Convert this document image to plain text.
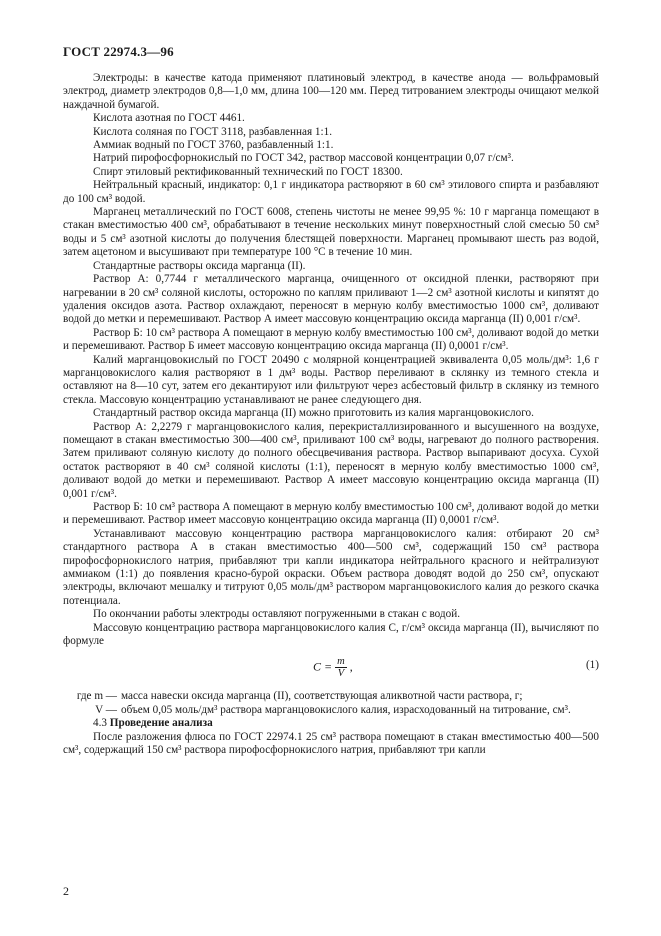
ГОСТ 22974.3—96

Электроды: в качестве катода применяют платиновый электрод, в качестве анода — вольфрамовый электрод, диаметр электродов 0,8—1,0 мм, длина 100—120 мм. Перед титрованием электроды очищают мелкой наждачной бумагой.

Кислота азотная по ГОСТ 4461.

Кислота соляная по ГОСТ 3118, разбавленная 1:1.

Аммиак водный по ГОСТ 3760, разбавленный 1:1.

Натрий пирофосфорнокислый по ГОСТ 342, раствор массовой концентрации 0,07 г/см³.

Спирт этиловый ректификованный технический по ГОСТ 18300.

Нейтральный красный, индикатор: 0,1 г индикатора растворяют в 60 см³ этилового спирта и разбавляют до 100 см³ водой.

Марганец металлический по ГОСТ 6008, степень чистоты не менее 99,95 %: 10 г марганца помещают в стакан вместимостью 400 см³, обрабатывают в течение нескольких минут поверхностный слой смесью 50 см³ воды и 5 см³ азотной кислоты до получения блестящей поверхности. Марганец промывают шесть раз водой, затем ацетоном и высушивают при температуре 100 °С в течение 10 мин.

Стандартные растворы оксида марганца (II).

Раствор А: 0,7744 г металлического марганца, очищенного от оксидной пленки, растворяют при нагревании в 20 см³ соляной кислоты, осторожно по каплям приливают 1—2 см³ азотной кислоты и кипятят до удаления оксидов азота. Раствор охлаждают, переносят в мерную колбу вместимостью 1000 см³, доливают водой до метки и перемешивают. Раствор А имеет массовую концентрацию оксида марганца (II) 0,001 г/см³.

Раствор Б: 10 см³ раствора А помещают в мерную колбу вместимостью 100 см³, доливают водой до метки и перемешивают. Раствор Б имеет массовую концентрацию оксида марганца (II) 0,0001 г/см³.

Калий марганцовокислый по ГОСТ 20490 с молярной концентрацией эквивалента 0,05 моль/дм³: 1,6 г марганцовокислого калия растворяют в 1 дм³ воды. Раствор переливают в склянку из темного стекла и оставляют на 8—10 сут, затем его декантируют или фильтруют через асбестовый фильтр в склянку из темного стекла. Массовую концентрацию устанавливают не ранее следующего дня.

Стандартный раствор оксида марганца (II) можно приготовить из калия марганцовокислого.

Раствор А: 2,2279 г марганцовокислого калия, перекристаллизированного и высушенного на воздухе, помещают в стакан вместимостью 300—400 см³, приливают 100 см³ воды, нагревают до полного растворения. Затем приливают соляную кислоту до полного обесцвечивания раствора. Раствор выпаривают досуха. Сухой остаток растворяют в 40 см³ соляной кислоты (1:1), переносят в мерную колбу вместимостью 1000 см³, доливают водой до метки и перемешивают. Раствор А имеет массовую концентрацию оксида марганца (II) 0,001 г/см³.

Раствор Б: 10 см³ раствора А помещают в мерную колбу вместимостью 100 см³, доливают водой до метки и перемешивают. Раствор имеет массовую концентрацию оксида марганца (II) 0,0001 г/см³.

Устанавливают массовую концентрацию раствора марганцовокислого калия: отбирают 20 см³ стандартного раствора А в стакан вместимостью 400—500 см³, содержащий 150 см³ раствора пирофосфорнокислого натрия, прибавляют три капли индикатора нейтрального красного и нейтрализуют аммиаком (1:1) до появления красно-бурой окраски. Объем раствора доводят водой до 250 см³, опускают электроды, включают мешалку и титруют 0,05 моль/дм³ раствором марганцовокислого калия до резкого скачка потенциала.

По окончании работы электроды оставляют погруженными в стакан с водой.

Массовую концентрацию раствора марганцовокислого калия С, г/см³ оксида марганца (II), вычисляют по формуле

$C = \frac{m}{V}$ ,	(1)
где m — масса навески оксида марганца (II), соответствующая аликвотной части раствора, г;
V — объем 0,05 моль/дм³ раствора марганцовокислого калия, израсходованный на титрование, см³.

4.3 Проведение анализа

После разложения флюса по ГОСТ 22974.1 25 см³ раствора помещают в стакан вместимостью 400—500 см³, содержащий 150 см³ раствора пирофосфорнокислого натрия, прибавляют три капли

2
